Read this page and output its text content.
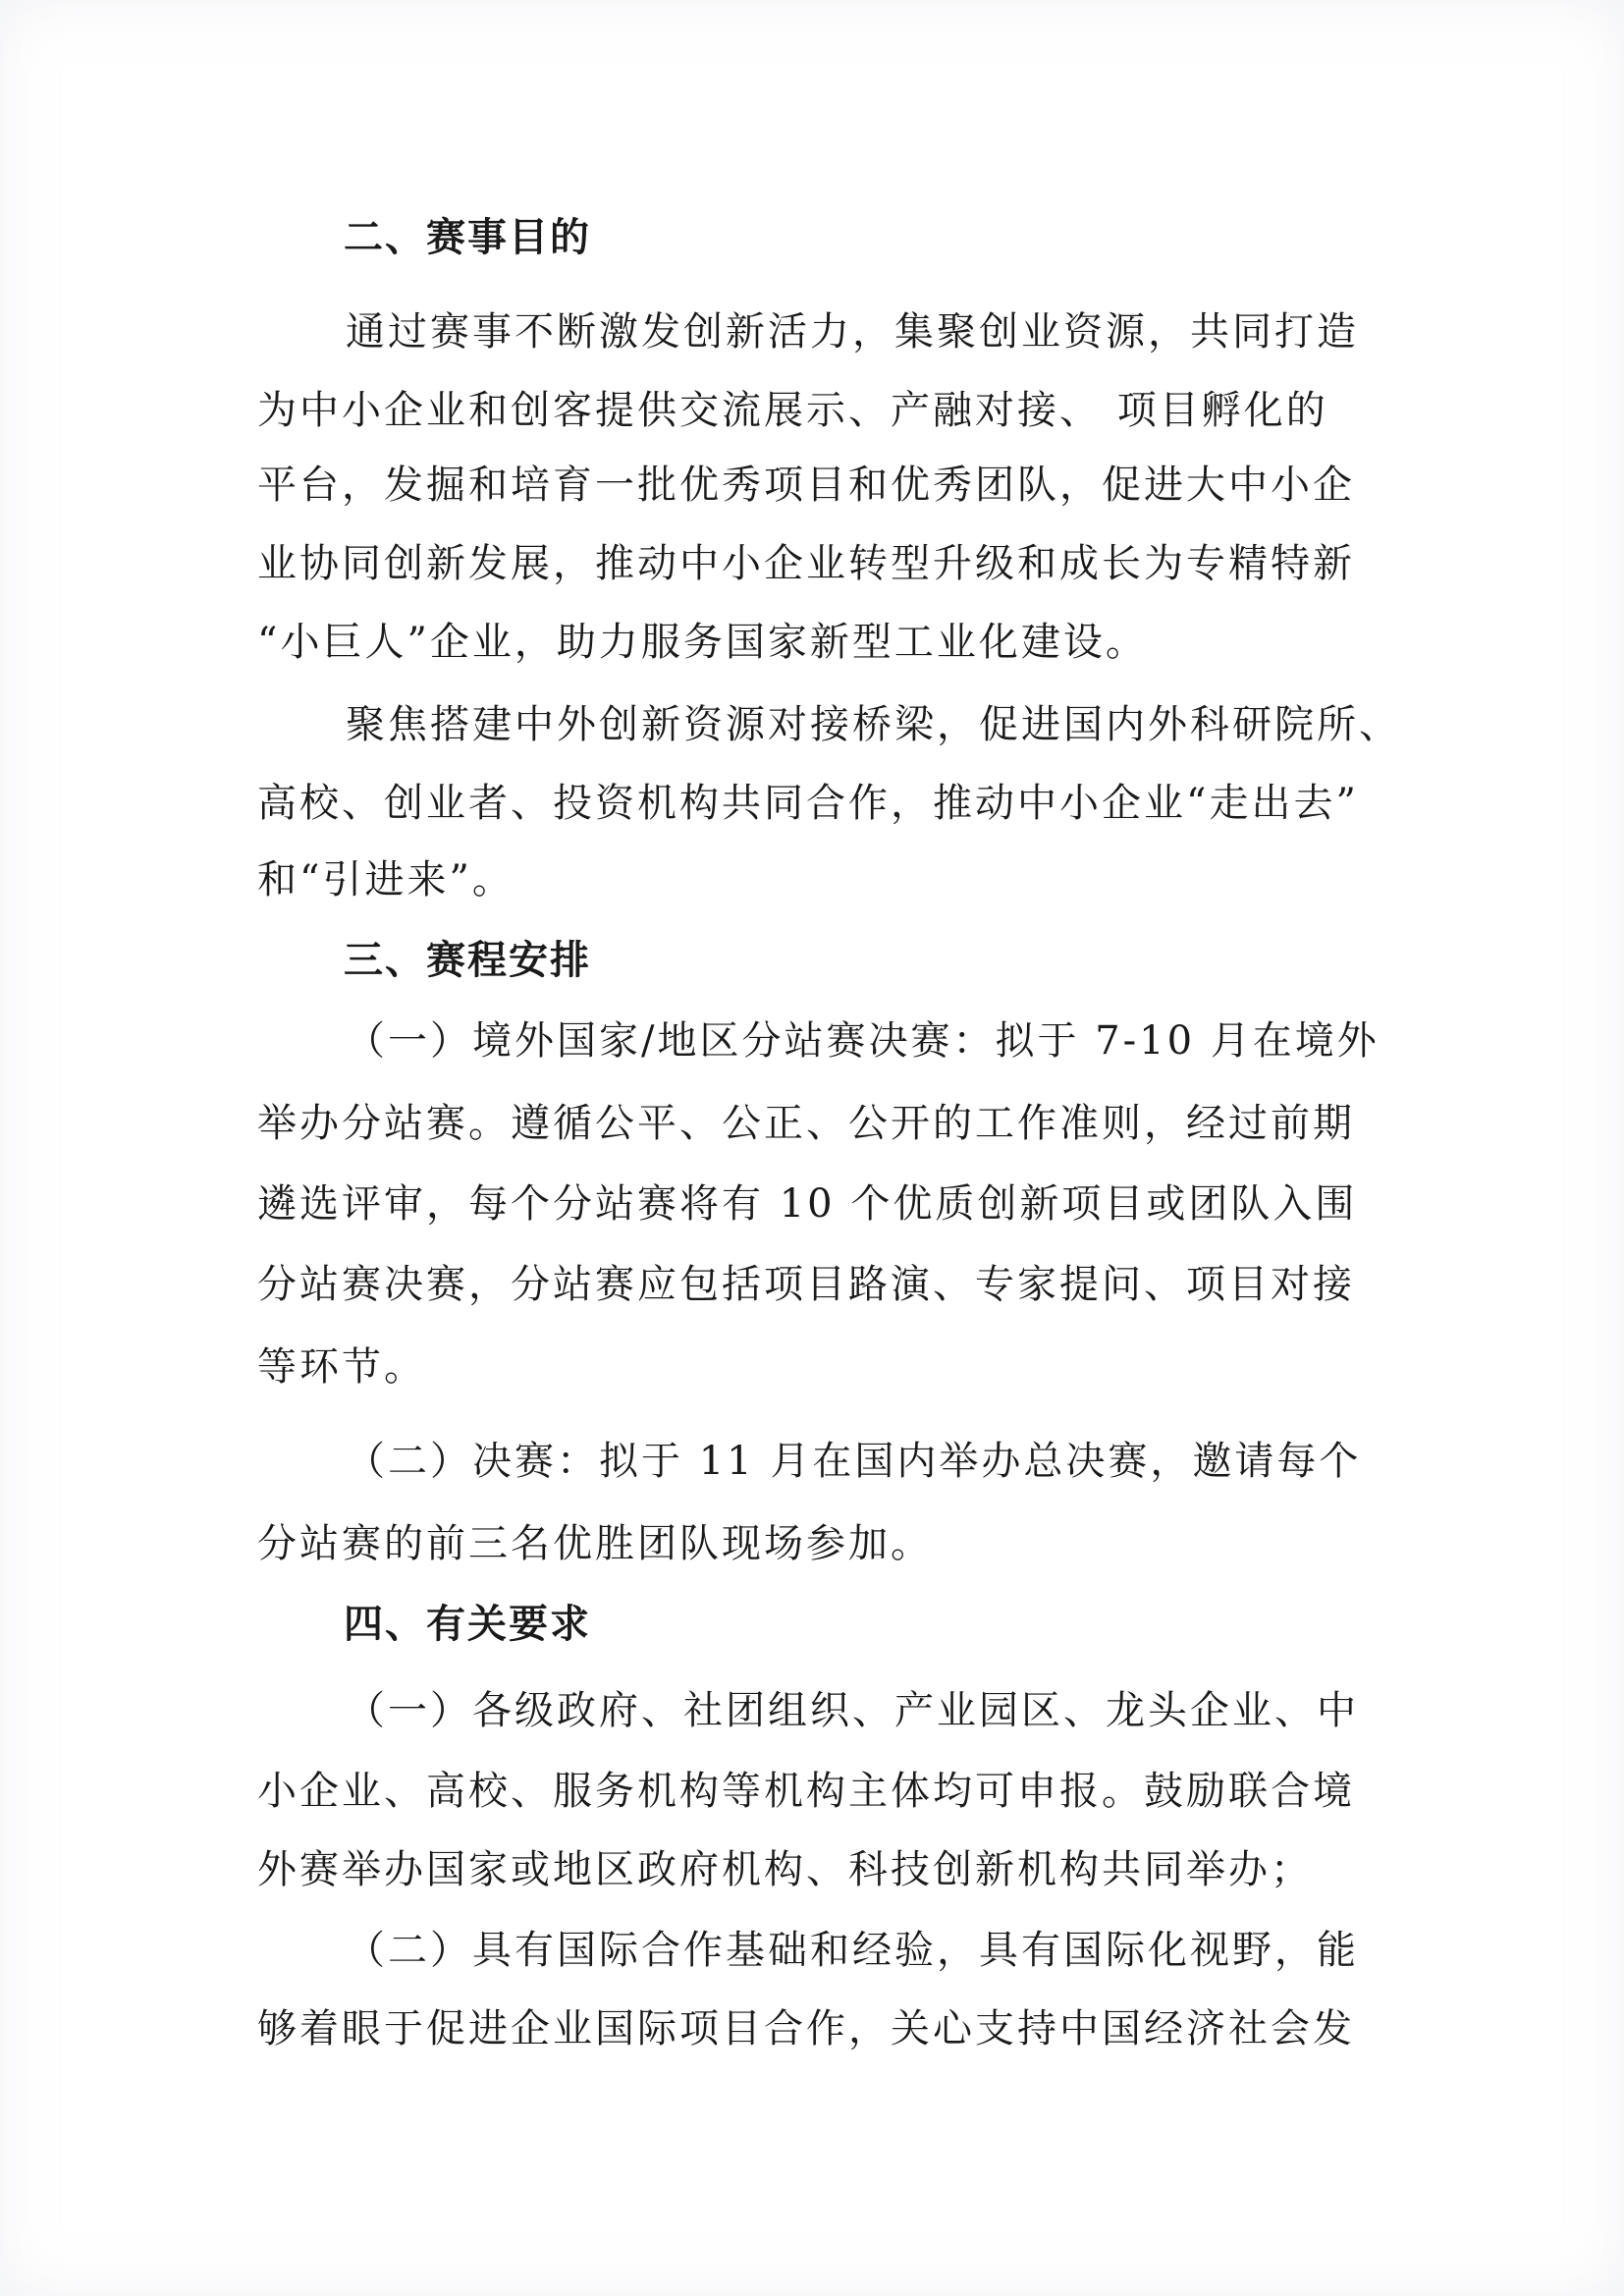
二、赛事目的

通过赛事不断激发创新活力，集聚创业资源，共同打造

为中小企业和创客提供交流展示、产融对接、 项目孵化的

平台，发掘和培育一批优秀项目和优秀团队，促进大中小企

业协同创新发展，推动中小企业转型升级和成长为专精特新

“小巨人”企业，助力服务国家新型工业化建设。

聚焦搭建中外创新资源对接桥梁，促进国内外科研院所、

高校、创业者、投资机构共同合作，推动中小企业“走出去”

和“引进来”。

三、赛程安排

（一）境外国家/地区分站赛决赛：拟于 7-10 月在境外

举办分站赛。遵循公平、公正、公开的工作准则，经过前期

遴选评审，每个分站赛将有 10 个优质创新项目或团队入围

分站赛决赛，分站赛应包括项目路演、专家提问、项目对接

等环节。

（二）决赛：拟于 11 月在国内举办总决赛，邀请每个

分站赛的前三名优胜团队现场参加。

四、有关要求

（一）各级政府、社团组织、产业园区、龙头企业、中

小企业、高校、服务机构等机构主体均可申报。鼓励联合境

外赛举办国家或地区政府机构、科技创新机构共同举办；

（二）具有国际合作基础和经验，具有国际化视野，能

够着眼于促进企业国际项目合作，关心支持中国经济社会发
